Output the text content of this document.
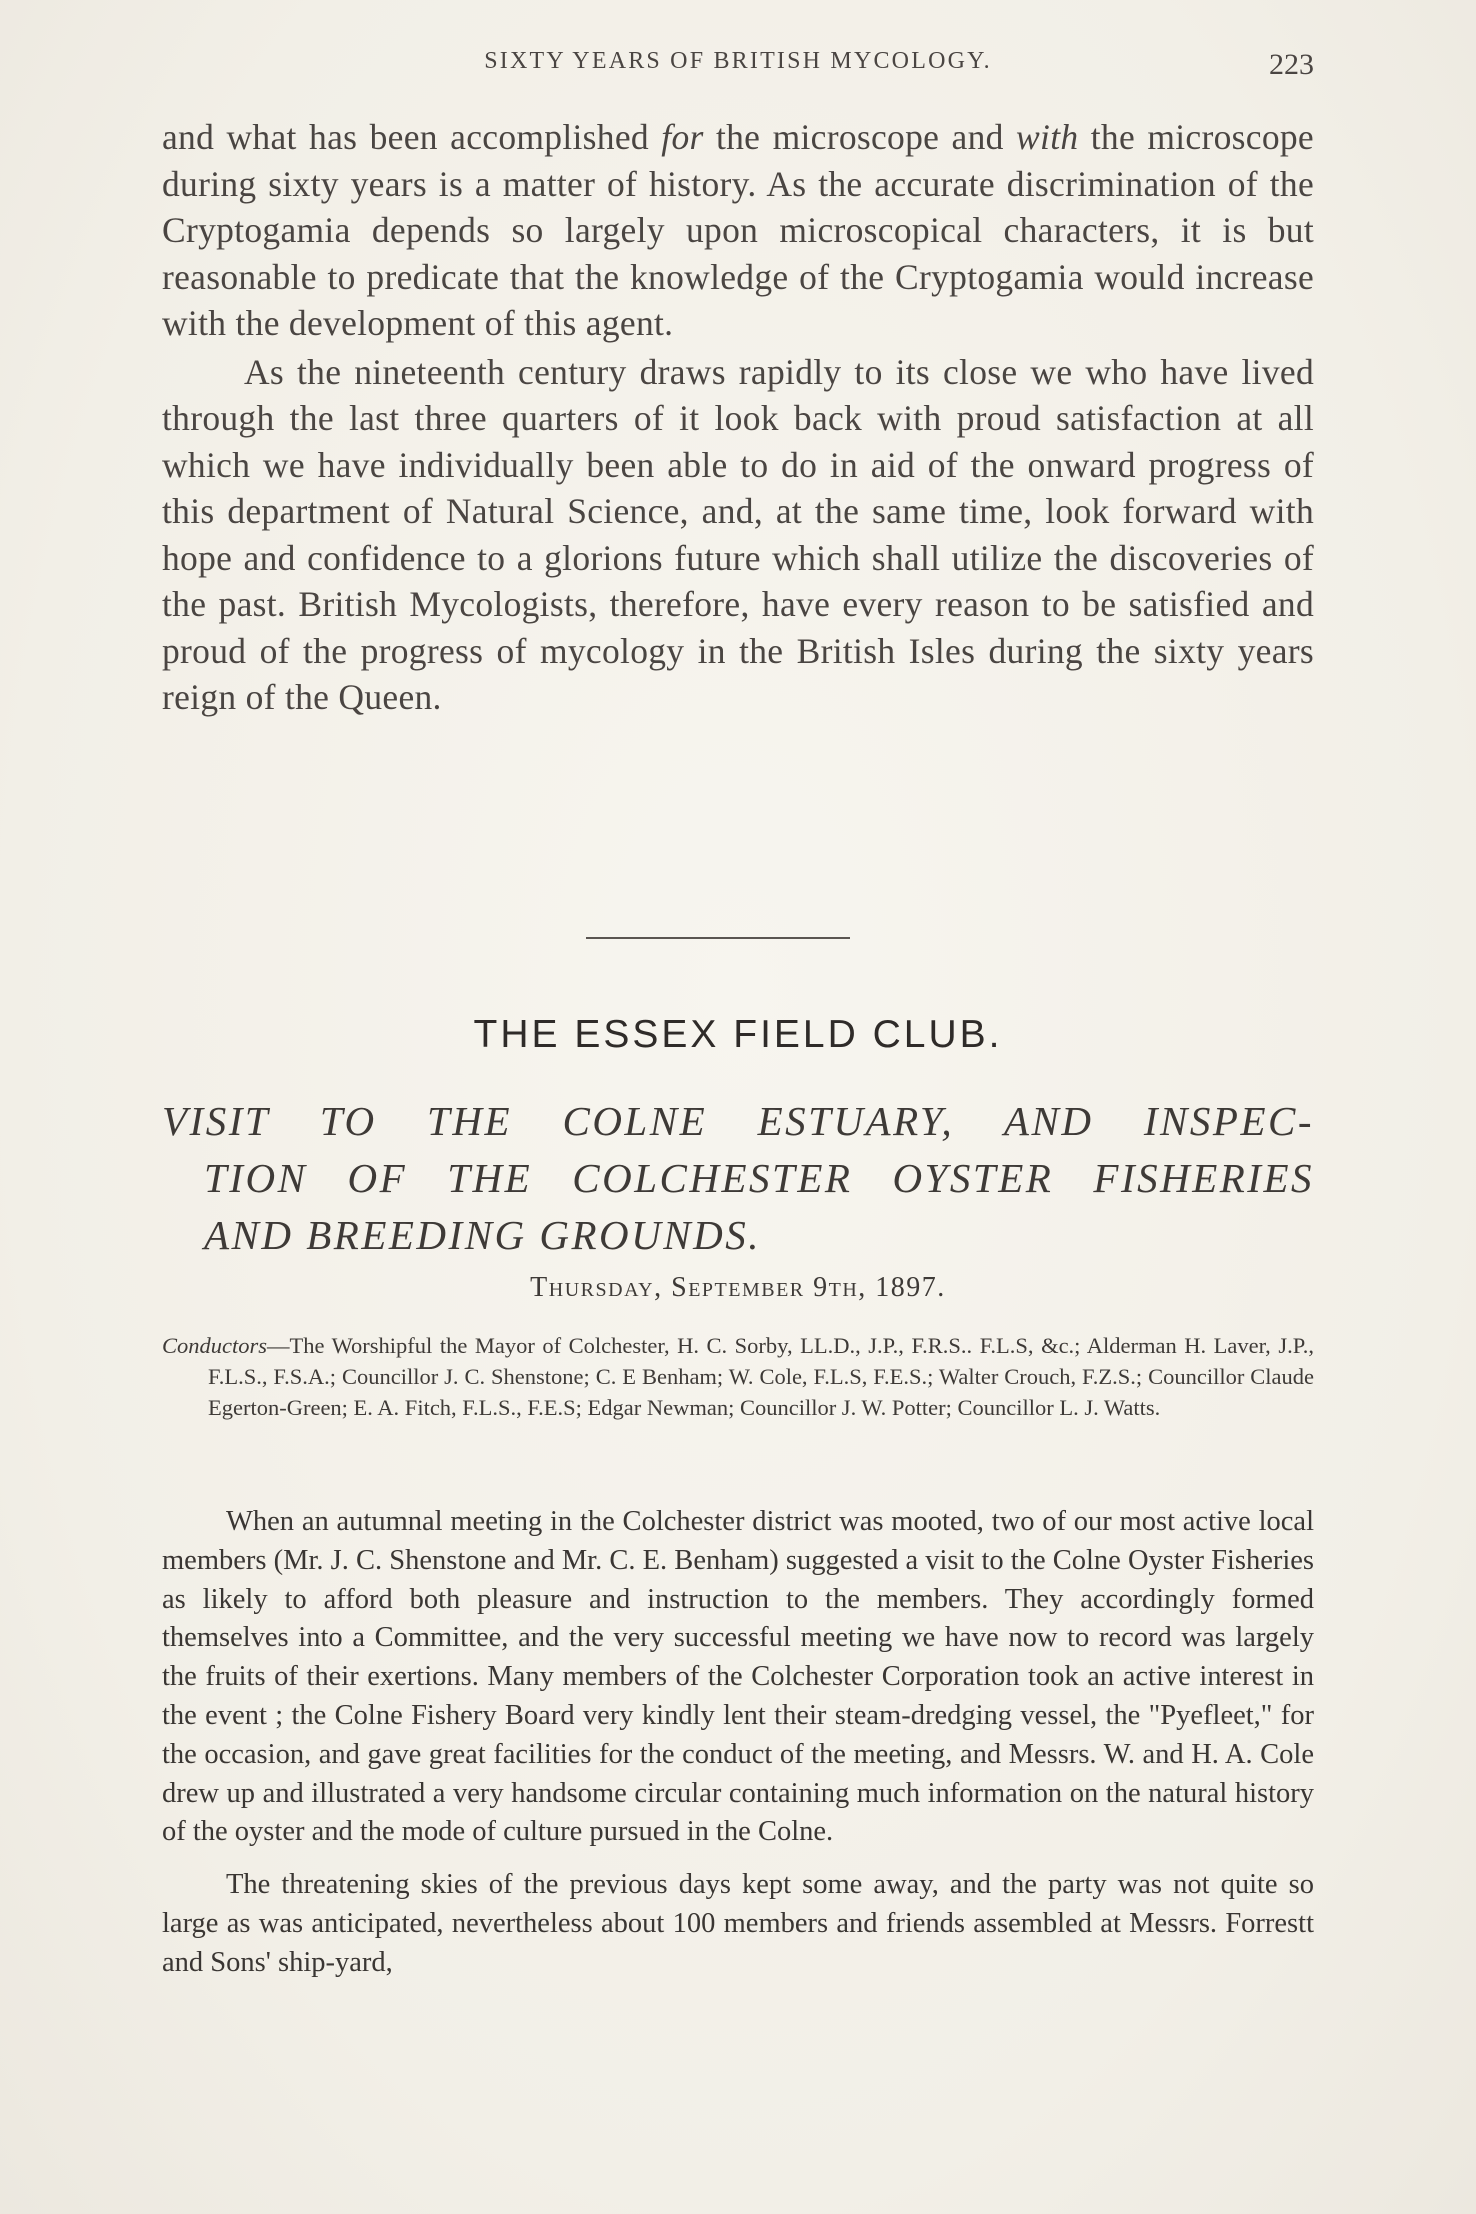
SIXTY YEARS OF BRITISH MYCOLOGY.	223

and what has been accomplished for the microscope and with the microscope during sixty years is a matter of history. As the accurate discrimination of the Cryptogamia depends so largely upon microscopical characters, it is but reasonable to predicate that the knowledge of the Cryptogamia would increase with the development of this agent.

As the nineteenth century draws rapidly to its close we who have lived through the last three quarters of it look back with proud satisfaction at all which we have individually been able to do in aid of the onward progress of this department of Natural Science, and, at the same time, look forward with hope and confidence to a glorions future which shall utilize the discoveries of the past. British Mycologists, therefore, have every reason to be satisfied and proud of the progress of mycology in the British Isles during the sixty years reign of the Queen.

THE ESSEX FIELD CLUB.
VISIT TO THE COLNE ESTUARY, AND INSPEC-
TION OF THE COLCHESTER OYSTER FISHERIES
AND BREEDING GROUNDS.
Thursday, September 9th, 1897.

Conductors—The Worshipful the Mayor of Colchester, H. C. Sorby, LL.D., J.P., F.R.S.. F.L.S, &c.; Alderman H. Laver, J.P., F.L.S., F.S.A.; Councillor J. C. Shenstone; C. E Benham; W. Cole, F.L.S, F.E.S.; Walter Crouch, F.Z.S.; Councillor Claude Egerton-Green; E. A. Fitch, F.L.S., F.E.S; Edgar Newman; Councillor J. W. Potter; Councillor L. J. Watts.

When an autumnal meeting in the Colchester district was mooted, two of our most active local members (Mr. J. C. Shenstone and Mr. C. E. Benham) suggested a visit to the Colne Oyster Fisheries as likely to afford both pleasure and instruction to the members. They accordingly formed themselves into a Committee, and the very successful meeting we have now to record was largely the fruits of their exertions. Many members of the Colchester Corporation took an active interest in the event ; the Colne Fishery Board very kindly lent their steam-dredging vessel, the "Pyefleet," for the occasion, and gave great facilities for the conduct of the meeting, and Messrs. W. and H. A. Cole drew up and illustrated a very handsome circular containing much information on the natural history of the oyster and the mode of culture pursued in the Colne.

The threatening skies of the previous days kept some away, and the party was not quite so large as was anticipated, nevertheless about 100 members and friends assembled at Messrs. Forrestt and Sons' ship-yard,
